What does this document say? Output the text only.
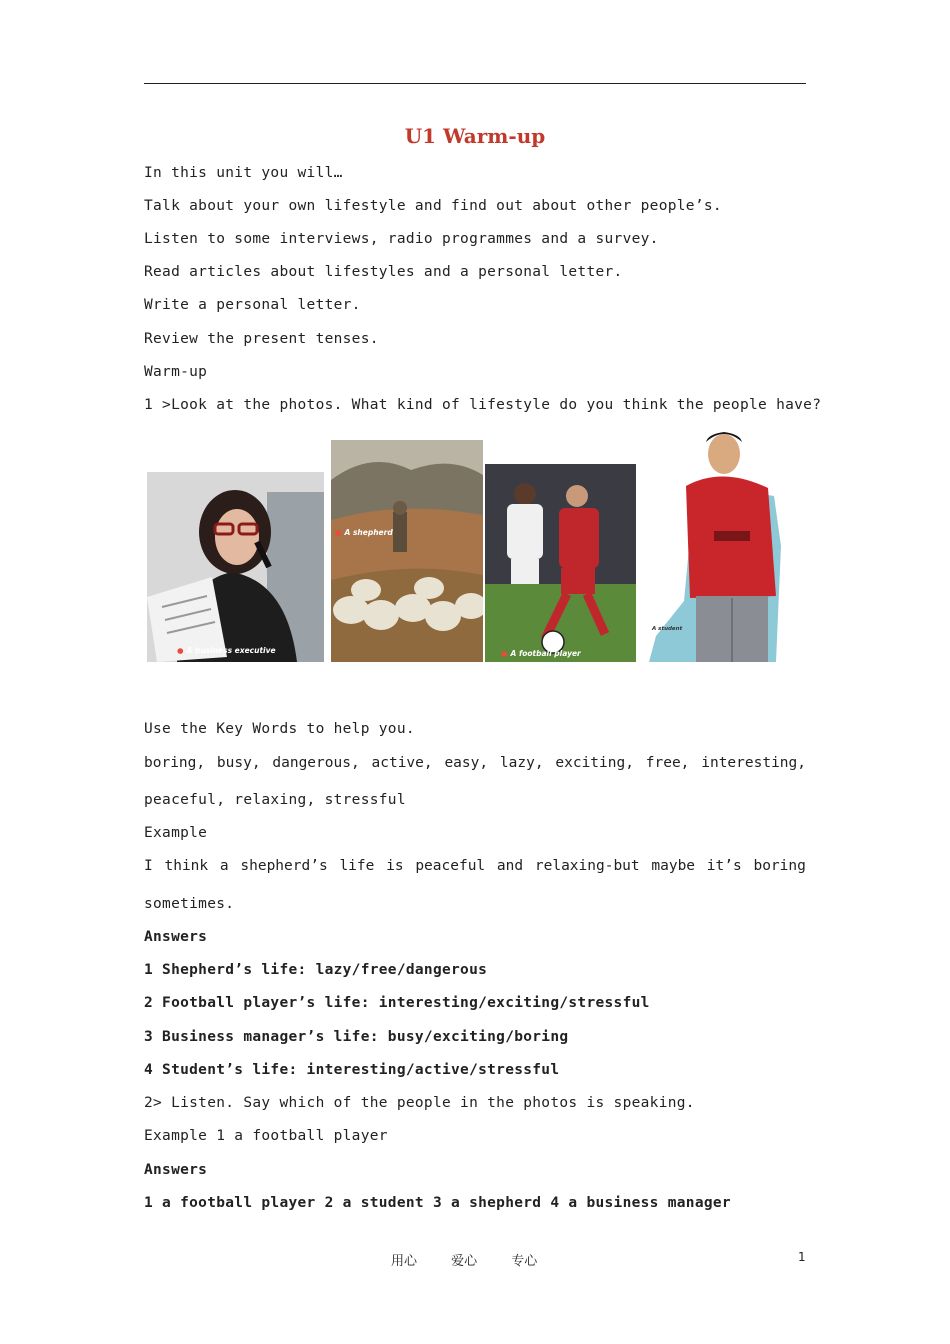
U1 Warm-up
In this unit you will…
Talk about your own lifestyle and find out about other people’s.
Listen to some interviews, radio programmes and a survey.
Read articles about lifestyles and a personal letter.
Write a personal letter.
Review the present tenses.
Warm-up
1 >Look at the photos. What kind of lifestyle do you think the people have?
● A business executive
● A shepherd
● A football player
A student
Use the Key Words to help you.
boring, busy, dangerous, active, easy, lazy, exciting, free, interesting,
peaceful, relaxing, stressful
Example
I think a shepherd’s life is peaceful and relaxing-but maybe it’s boring
sometimes.
Answers
1 Shepherd’s life: lazy/free/dangerous
2 Football player’s life: interesting/exciting/stressful
3 Business manager’s life: busy/exciting/boring
4 Student’s life: interesting/active/stressful
2> Listen. Say which of the people in the photos is speaking.
Example 1 a football player
Answers
1 a football player 2 a student 3 a shepherd 4 a business manager
用心 爱心 专心	1
